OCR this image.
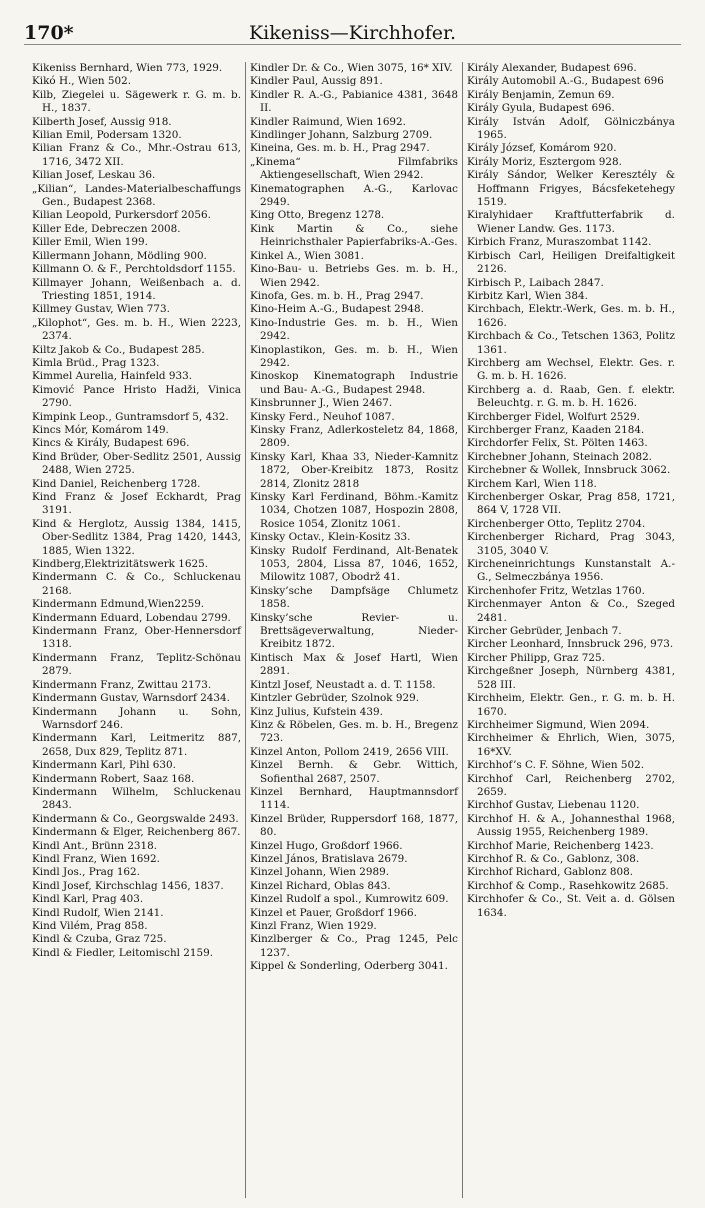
170*	Kikeniss—Kirchhofer.

Kikeniss Bernhard, Wien 773, 1929.

Kikó H., Wien 502.

Kilb, Ziegelei u. Sägewerk r. G. m. b. H., 1837.

Kilberth Josef, Aussig 918.

Kilian Emil, Podersam 1320.

Kilian Franz & Co., Mhr.-Ostrau 613, 1716, 3472 XII.

Kilian Josef, Leskau 36.

„Kilian“, Landes-Materialbeschaffungs Gen., Budapest 2368.

Kilian Leopold, Purkersdorf 2056.

Killer Ede, Debreczen 2008.

Killer Emil, Wien 199.

Killermann Johann, Mödling 900.

Killmann O. & F., Perchtoldsdorf 1155.

Killmayer Johann, Weißenbach a. d. Triesting 1851, 1914.

Killmey Gustav, Wien 773.

„Kilophot“, Ges. m. b. H., Wien 2223, 2374.

Kiltz Jakob & Co., Budapest 285.

Kimla Brüd., Prag 1323.

Kimmel Aurelia, Hainfeld 933.

Kimović Pance Hristo Hadži, Vinica 2790.

Kimpink Leop., Guntramsdorf 5, 432.

Kincs Mór, Komárom 149.

Kincs & Király, Budapest 696.

Kind Brüder, Ober-Sedlitz 2501, Aussig 2488, Wien 2725.

Kind Daniel, Reichenberg 1728.

Kind Franz & Josef Eckhardt, Prag 3191.

Kind & Herglotz, Aussig 1384, 1415, Ober-Sedlitz 1384, Prag 1420, 1443, 1885, Wien 1322.

Kindberg,Elektrizitätswerk 1625.

Kindermann C. & Co., Schluckenau 2168.

Kindermann Edmund,Wien2259.

Kindermann Eduard, Lobendau 2799.

Kindermann Franz, Ober-Hennersdorf 1318.

Kindermann Franz, Teplitz-Schönau 2879.

Kindermann Franz, Zwittau 2173.

Kindermann Gustav, Warnsdorf 2434.

Kindermann Johann u. Sohn, Warnsdorf 246.

Kindermann Karl, Leitmeritz 887, 2658, Dux 829, Teplitz 871.

Kindermann Karl, Pihl 630.

Kindermann Robert, Saaz 168.

Kindermann Wilhelm, Schluckenau 2843.

Kindermann & Co., Georgswalde 2493.

Kindermann & Elger, Reichenberg 867.

Kindl Ant., Brünn 2318.

Kindl Franz, Wien 1692.

Kindl Jos., Prag 162.

Kindl Josef, Kirchschlag 1456, 1837.

Kindl Karl, Prag 403.

Kindl Rudolf, Wien 2141.

Kind Vilém, Prag 858.

Kindl & Czuba, Graz 725.

Kindl & Fiedler, Leitomischl 2159.

Kindler Dr. & Co., Wien 3075, 16* XIV.

Kindler Paul, Aussig 891.

Kindler R. A.-G., Pabianice 4381, 3648 II.

Kindler Raimund, Wien 1692.

Kindlinger Johann, Salzburg 2709.

Kineina, Ges. m. b. H., Prag 2947.

„Kinema“ Filmfabriks Aktiengesellschaft, Wien 2942.

Kinematographen A.-G., Karlovac 2949.

King Otto, Bregenz 1278.

Kink Martin & Co., siehe Heinrichsthaler Papierfabriks-A.-Ges.

Kinkel A., Wien 3081.

Kino-Bau- u. Betriebs Ges. m. b. H., Wien 2942.

Kinofa, Ges. m. b. H., Prag 2947.

Kino-Heim A.-G., Budapest 2948.

Kino-Industrie Ges. m. b. H., Wien 2942.

Kinoplastikon, Ges. m. b. H., Wien 2942.

Kinoskop Kinematograph Industrie und Bau- A.-G., Budapest 2948.

Kinsbrunner J., Wien 2467.

Kinsky Ferd., Neuhof 1087.

Kinsky Franz, Adlerkosteletz 84, 1868, 2809.

Kinsky Karl, Khaa 33, Nieder-Kamnitz 1872, Ober-Kreibitz 1873, Rositz 2814, Zlonitz 2818

Kinsky Karl Ferdinand, Böhm.-Kamitz 1034, Chotzen 1087, Hospozin 2808, Rosice 1054, Zlonitz 1061.

Kinsky Octav., Klein-Kositz 33.

Kinsky Rudolf Ferdinand, Alt-Benatek 1053, 2804, Lissa 87, 1046, 1652, Milowitz 1087, Obodrž 41.

Kinsky’sche Dampfsäge Chlumetz 1858.

Kinsky’sche Revier- u. Brettsägeverwaltung, Nieder-Kreibitz 1872.

Kintisch Max & Josef Hartl, Wien 2891.

Kintzl Josef, Neustadt a. d. T. 1158.

Kintzler Gebrüder, Szolnok 929.

Kinz Julius, Kufstein 439.

Kinz & Röbelen, Ges. m. b. H., Bregenz 723.

Kinzel Anton, Pollom 2419, 2656 VIII.

Kinzel Bernh. & Gebr. Wittich, Sofienthal 2687, 2507.

Kinzel Bernhard, Hauptmannsdorf 1114.

Kinzel Brüder, Ruppersdorf 168, 1877, 80.

Kinzel Hugo, Großdorf 1966.

Kinzel János, Bratislava 2679.

Kinzel Johann, Wien 2989.

Kinzel Richard, Oblas 843.

Kinzel Rudolf a spol., Kumrowitz 609.

Kinzel et Pauer, Großdorf 1966.

Kinzl Franz, Wien 1929.

Kinzlberger & Co., Prag 1245, Pelc 1237.

Kippel & Sonderling, Oderberg 3041.

Király Alexander, Budapest 696.

Király Automobil A.-G., Budapest 696

Király Benjamin, Zemun 69.

Király Gyula, Budapest 696.

Király István Adolf, Gölniczbánya 1965.

Király József, Komárom 920.

Király Moriz, Esztergom 928.

Király Sándor, Welker Keresztély & Hoffmann Frigyes, Bácsfeketehegy 1519.

Kiralyhidaer Kraftfutterfabrik d. Wiener Landw. Ges. 1173.

Kirbich Franz, Muraszombat 1142.

Kirbisch Carl, Heiligen Dreifaltigkeit 2126.

Kirbisch P., Laibach 2847.

Kirbitz Karl, Wien 384.

Kirchbach, Elektr.-Werk, Ges. m. b. H., 1626.

Kirchbach & Co., Tetschen 1363, Politz 1361.

Kirchberg am Wechsel, Elektr. Ges. r. G. m. b. H. 1626.

Kirchberg a. d. Raab, Gen. f. elektr. Beleuchtg. r. G. m. b. H. 1626.

Kirchberger Fidel, Wolfurt 2529.

Kirchberger Franz, Kaaden 2184.

Kirchdorfer Felix, St. Pölten 1463.

Kirchebner Johann, Steinach 2082.

Kirchebner & Wollek, Innsbruck 3062.

Kirchem Karl, Wien 118.

Kirchenberger Oskar, Prag 858, 1721, 864 V, 1728 VII.

Kirchenberger Otto, Teplitz 2704.

Kirchenberger Richard, Prag 3043, 3105, 3040 V.

Kircheneinrichtungs Kunstanstalt A.-G., Selmeczbánya 1956.

Kirchenhofer Fritz, Wetzlas 1760.

Kirchenmayer Anton & Co., Szeged 2481.

Kircher Gebrüder, Jenbach 7.

Kircher Leonhard, Innsbruck 296, 973.

Kircher Philipp, Graz 725.

Kirchgeßner Joseph, Nürnberg 4381, 528 III.

Kirchheim, Elektr. Gen., r. G. m. b. H. 1670.

Kirchheimer Sigmund, Wien 2094.

Kirchheimer & Ehrlich, Wien, 3075, 16*XV.

Kirchhof’s C. F. Söhne, Wien 502.

Kirchhof Carl, Reichenberg 2702, 2659.

Kirchhof Gustav, Liebenau 1120.

Kirchhof H. & A., Johannesthal 1968, Aussig 1955, Reichenberg 1989.

Kirchhof Marie, Reichenberg 1423.

Kirchhof R. & Co., Gablonz, 308.

Kirchhof Richard, Gablonz 808.

Kirchhof & Comp., Rasehkowitz 2685.

Kirchhofer & Co., St. Veit a. d. Gölsen 1634.
